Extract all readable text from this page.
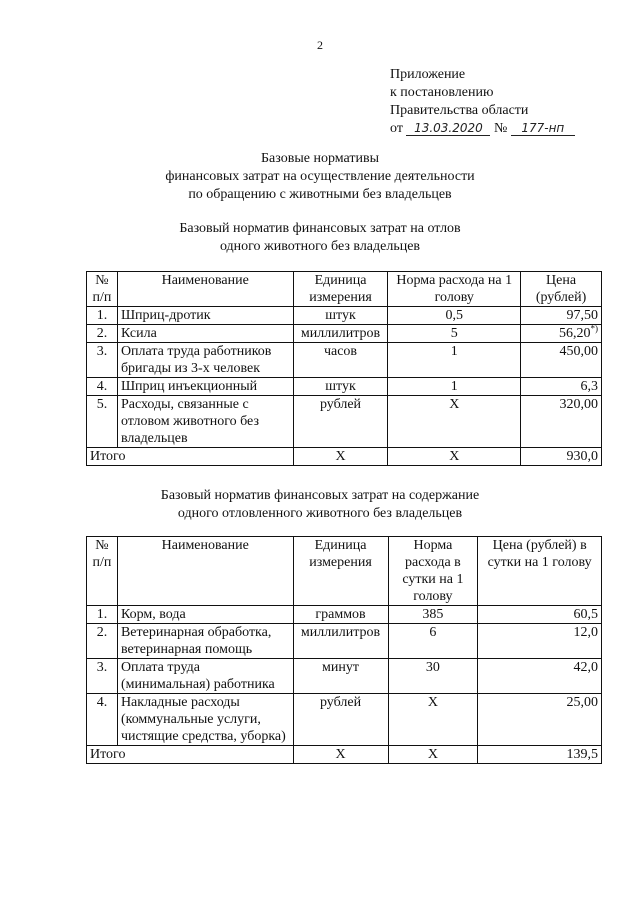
2
Приложение
к постановлению
Правительства области
от 13.03.2020 № 177-нп
Базовые нормативы
финансовых затрат на осуществление деятельности
по обращению с животными без владельцев
Базовый норматив финансовых затрат на отлов
одного животного без владельцев
№ п/п	Наименование	Единица измерения	Норма расхода на 1 голову	Цена (рублей)
1.	Шприц-дротик	штук	0,5	97,50
2.	Ксила	миллилитров	5	56,20*)
3.	Оплата труда работников бригады из 3-х человек	часов	1	450,00
4.	Шприц инъекционный	штук	1	6,3
5.	Расходы, связанные с отловом животного без владельцев	рублей	X	320,00
Итого		X	X	930,0
Базовый норматив финансовых затрат на содержание
одного отловленного животного без владельцев
№ п/п	Наименование	Единица измерения	Норма расхода в сутки на 1 голову	Цена (рублей) в сутки на 1 голову
1.	Корм, вода	граммов	385	60,5
2.	Ветеринарная обработка, ветеринарная помощь	миллилитров	6	12,0
3.	Оплата труда (минимальная) работника	минут	30	42,0
4.	Накладные расходы (коммунальные услуги, чистящие средства, уборка)	рублей	X	25,00
Итого		X	X	139,5
